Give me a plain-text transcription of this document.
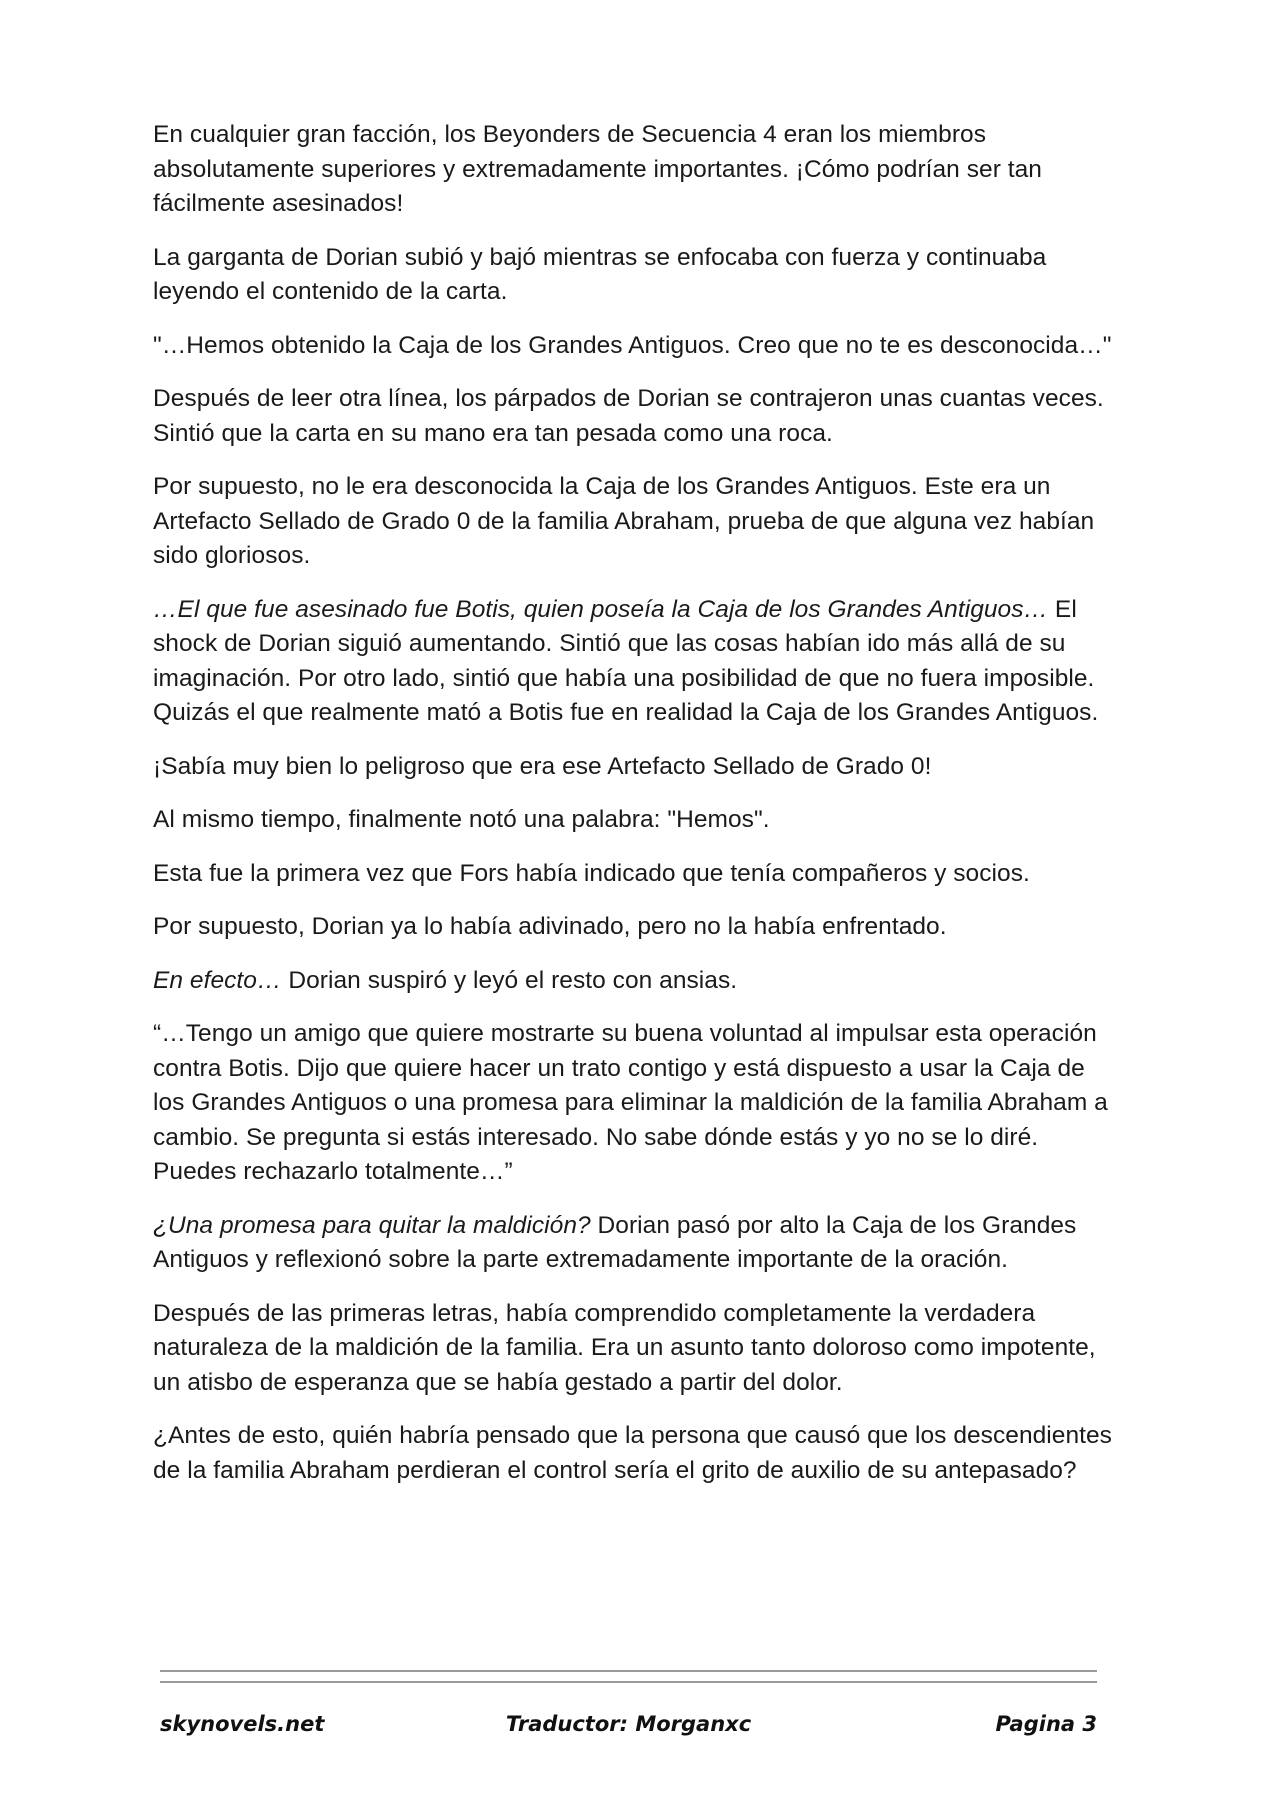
En cualquier gran facción, los Beyonders de Secuencia 4 eran los miembros absolutamente superiores y extremadamente importantes. ¡Cómo podrían ser tan fácilmente asesinados!

La garganta de Dorian subió y bajó mientras se enfocaba con fuerza y continuaba leyendo el contenido de la carta.

"…Hemos obtenido la Caja de los Grandes Antiguos. Creo que no te es desconocida…"

Después de leer otra línea, los párpados de Dorian se contrajeron unas cuantas veces. Sintió que la carta en su mano era tan pesada como una roca.

Por supuesto, no le era desconocida la Caja de los Grandes Antiguos. Este era un Artefacto Sellado de Grado 0 de la familia Abraham, prueba de que alguna vez habían sido gloriosos.

…El que fue asesinado fue Botis, quien poseía la Caja de los Grandes Antiguos… El shock de Dorian siguió aumentando. Sintió que las cosas habían ido más allá de su imaginación. Por otro lado, sintió que había una posibilidad de que no fuera imposible. Quizás el que realmente mató a Botis fue en realidad la Caja de los Grandes Antiguos.

¡Sabía muy bien lo peligroso que era ese Artefacto Sellado de Grado 0!

Al mismo tiempo, finalmente notó una palabra: "Hemos".

Esta fue la primera vez que Fors había indicado que tenía compañeros y socios.

Por supuesto, Dorian ya lo había adivinado, pero no la había enfrentado.

En efecto… Dorian suspiró y leyó el resto con ansias.

“…Tengo un amigo que quiere mostrarte su buena voluntad al impulsar esta operación contra Botis. Dijo que quiere hacer un trato contigo y está dispuesto a usar la Caja de los Grandes Antiguos o una promesa para eliminar la maldición de la familia Abraham a cambio. Se pregunta si estás interesado. No sabe dónde estás y yo no se lo diré. Puedes rechazarlo totalmente…”

¿Una promesa para quitar la maldición? Dorian pasó por alto la Caja de los Grandes Antiguos y reflexionó sobre la parte extremadamente importante de la oración.

Después de las primeras letras, había comprendido completamente la verdadera naturaleza de la maldición de la familia. Era un asunto tanto doloroso como impotente, un atisbo de esperanza que se había gestado a partir del dolor.

¿Antes de esto, quién habría pensado que la persona que causó que los descendientes de la familia Abraham perdieran el control sería el grito de auxilio de su antepasado?

skynovels.net	Traductor: Morganxc	Pagina 3
